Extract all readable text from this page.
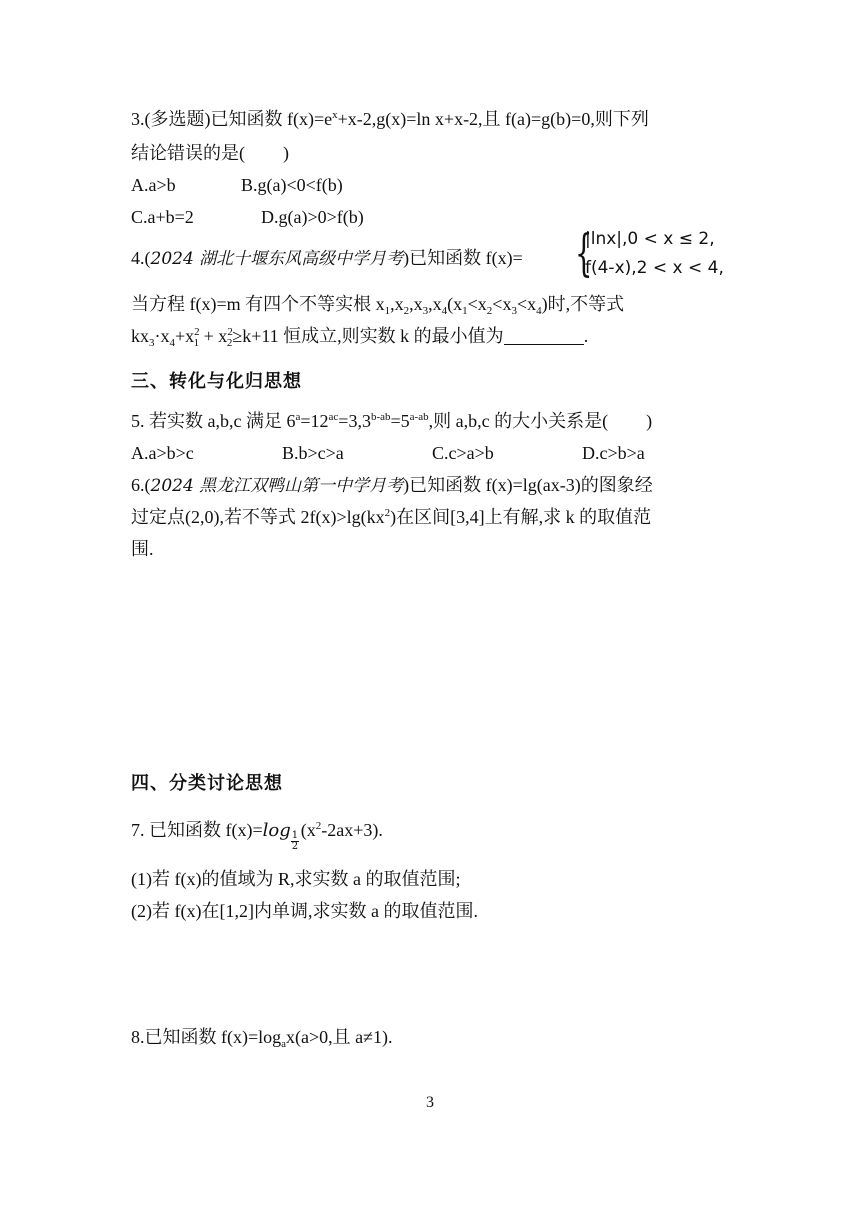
3.(多选题)已知函数 $f(x)=e^x+x-2,g(x)=\ln$ x+x-2,且 f(a)=g(b)=0,则下列
结论错误的是( )
A.a>b	B.g(a)<0<f(b)
C.a+b=2	D.g(a)>0>f(b)
4.(2024 湖北十堰东风高级中学月考)已知函数 f(x)= {
|lnx|,0 < x ≤ 2,
f(4-x),2 < x < 4,
当方程 f(x)=m 有四个不等实根 $x_1,x_2,x_3,x_4(x_1<x_2<x_3<x_4)$时,不等式
$kx_3\cdot x_4+x^2_1 + x^2_2\ge k+11$ 恒成立,则实数 k 的最小值为	.
三、转化与化归思想
5. 若实数 a,b,c 满足 $6^a=12^{ac}=3,3^{b-ab}=5^{a-ab}$,则 a,b,c 的大小关系是( )
A.a>b>c	B.b>c>a	C.c>a>b	D.c>b>a
6.(2024 黑龙江双鸭山第一中学月考)已知函数 f(x)=lg(ax-3)的图象经
过定点(2,0),若不等式 $2f(x)>\lg(kx^2)$在区间[3,4]上有解,求 k 的取值范
围.
四、分类讨论思想
7. 已知函数 f(x)=log
$\frac{1}{2}$
$(x^2-2ax+3)$.
(1)若 f(x)的值域为 R,求实数 a 的取值范围;
(2)若 f(x)在[1,2]内单调,求实数 a 的取值范围.
8.已知函数 $f(x)=\log_ax(a>0$,且 a≠1).
3
